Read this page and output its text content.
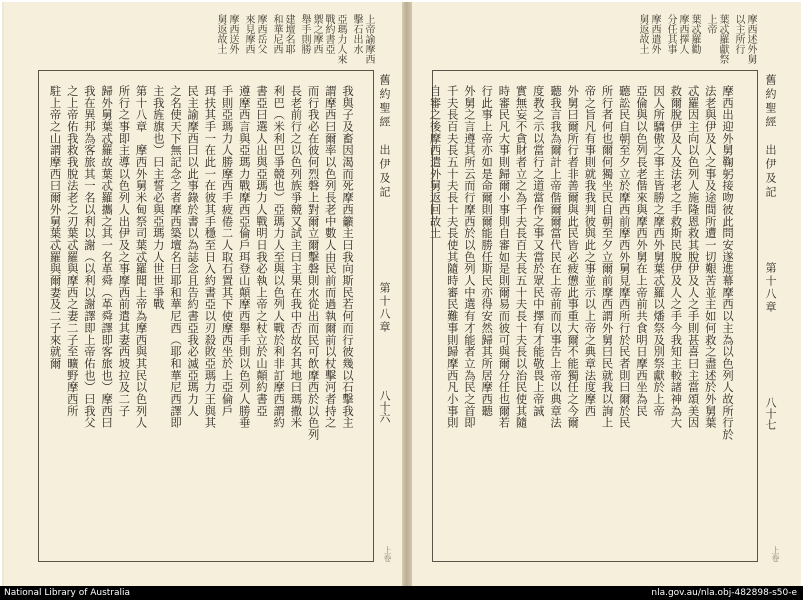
上帝諭摩西
擊石出水
亞瑪力人來
戰約書亞
禦之摩西
舉手則勝
建壇名耶
和華尼西
摩西岳父
來見摩西
摩西送外
舅返故土
舊約聖經　出伊及記
第十八章
八十六
上卷
我與子及畜因渴而死摩西籲主曰我向斯民若何而行彼幾以石擊我主
謂摩西曰爾率以色列長老中數人由民前而過執爾前以杖擊河者持之
而行我必在彼何烈磐上對爾立爾擊磐則水從出而民可飲摩西於以色列
長老前行之以色列族爭競又試主曰主果在我中否故名其地曰瑪撒米
利巴（米利巴爭競也）亞瑪力人至與以色列人戰於利非訂摩西謂約
書亞曰選人出與亞瑪力人戰明日我必執上帝之杖立於山顛約書亞
遵摩西言與亞瑪力戰摩西亞倫戶珥登山顛摩西舉手則以色列人勝垂
手則亞瑪力人勝摩西手疲倦二人取石置其下使摩西坐於上亞倫戶
珥扶其手一在此一在彼其手穩至日入約書亞以刃殺敗亞瑪力王與其
民主諭摩西曰以此事錄於書以為誌念且告約書亞我必滅亞瑪力人
之名使天下無記念之者摩西築壇名曰耶和華尼西（耶和華尼西譯即
主我旌旗也）曰主誓必與亞瑪力人世世爭戰
第十八章　摩西外舅米甸祭司葉忒羅聞上帝為摩西與其民以色列人
所行之事即主導以色列人出伊及之事摩西前遣其妻西坡拉及二子
歸外舅葉忒羅故葉忒羅攜之其一名革舜（革舜譯即客旅也）摩西曰
我在異邦為客旅其一名以利以謝（以利以謝譯即上帝佑也）曰我父
之上帝佑我救我脫法老之刃葉忒羅與摩西之妻二子至曠野摩西所
駐上帝之山謂摩西曰爾外舅葉忒羅與爾妻及二子來就爾
摩西述外舅
以主所行
葉忒羅獻祭
上帝
葉忒羅勸
摩西擇人
分任其事
摩西遣外
舅返故土
舊約聖經　出伊及記
第十八章
八十七
上卷
摩西出迎外舅鞠躬接吻彼此問安遂進幕摩西以主為以色列人故所行於
法老與伊及人之事及途間所遭一切艱苦並主如何救之盡述於外舅葉
忒羅因主向以色列人施隆恩救其脫伊及人之手則甚喜曰主當頌美因
救爾脫伊及人及法老之手救斯民脫伊及人之手今我知主較諸神為大
因人所驕傲之事主皆勝之摩西外舅葉忒羅以燔祭及別祭獻於上帝
亞倫與以色列長老偕來與摩西外舅在上帝前共食明日摩西坐為民
聽訟民自朝至夕立於摩西前摩西外舅見摩西所行於民者則曰爾於民
所行者何也爾何獨坐民自朝至夕立爾前摩西謂外舅曰民就我以詢上
帝之旨凡有事則就我我判彼與此之事並示以上帝之典章法度摩西
外舅曰爾所行者非善爾與此民皆必疲憊此事重大爾不能獨任之今爾
聽我言我為爾計上帝偕爾爾當代民在上帝前而以事告上帝以典章法
度教之示以當行之道當作之事又當於眾民中擇有才能敬畏上帝誠
實無妄不貪財者立之為千夫長百夫長五十夫長十夫長以治民使其隨
時審民凡大事則歸爾小事則自審如是則爾易而彼可與爾分任也爾若
行此事上帝亦如是命爾則爾能勝任斯民亦得安然歸其所居摩西聽
外舅之言遵其所云而行摩西於以色列人中選有才能者立為民之首即
千夫長百夫長五十夫長十夫長使其隨時審民難事則歸摩西凡小事則
自審之後摩西遣外舅返回故土
National Library of Australia	nla.gov.au/nla.obj-482898-s50-e
